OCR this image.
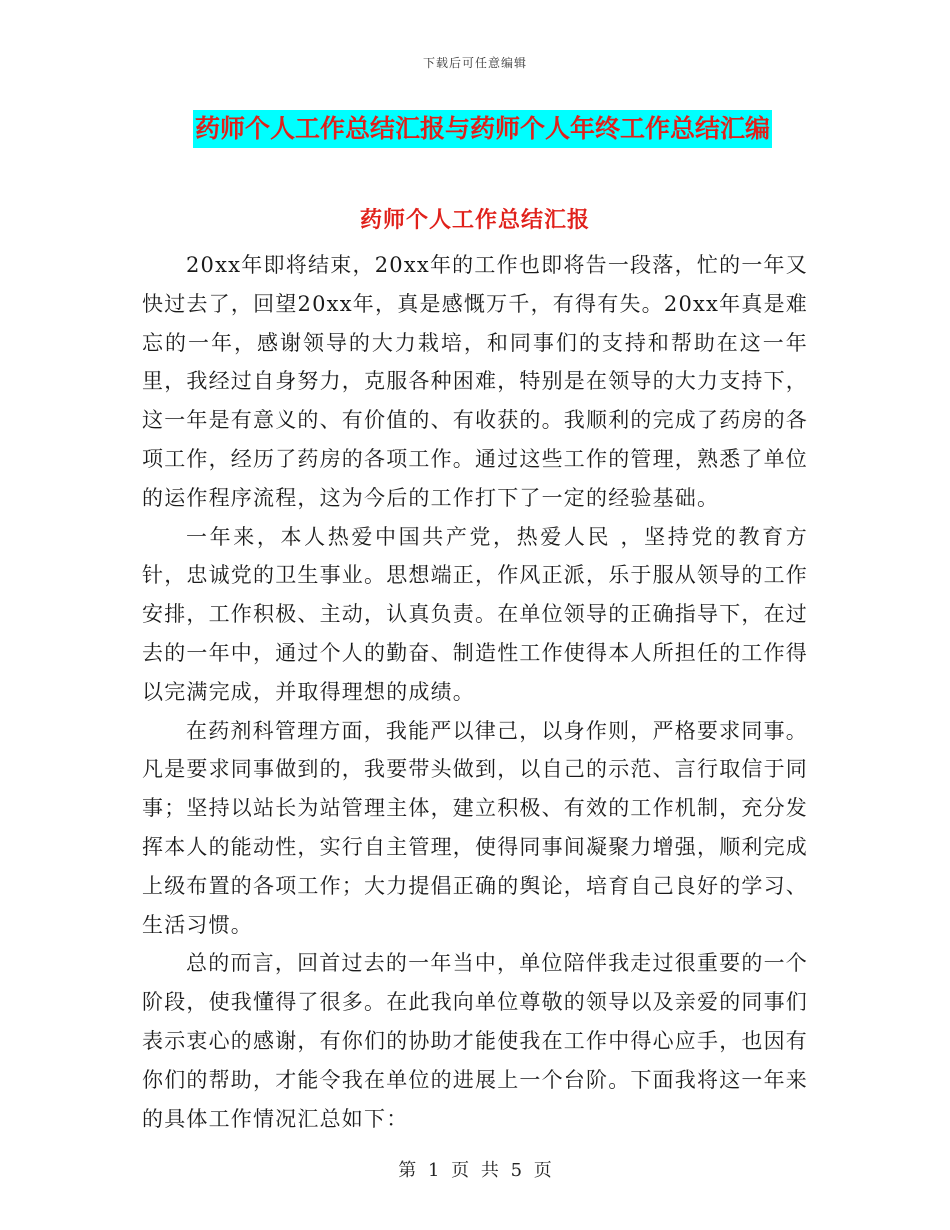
下载后可任意编辑
药师个人工作总结汇报与药师个人年终工作总结汇编
药师个人工作总结汇报

20xx年即将结束，20xx年的工作也即将告一段落，忙的一年又快过去了，回望20xx年，真是感慨万千，有得有失。20xx年真是难忘的一年，感谢领导的大力栽培，和同事们的支持和帮助在这一年里，我经过自身努力，克服各种困难，特别是在领导的大力支持下，这一年是有意义的、有价值的、有收获的。我顺利的完成了药房的各项工作，经历了药房的各项工作。通过这些工作的管理，熟悉了单位的运作程序流程，这为今后的工作打下了一定的经验基础。

一年来，本人热爱中国共产党，热爱人民 ，坚持党的教育方针，忠诚党的卫生事业。思想端正，作风正派，乐于服从领导的工作安排，工作积极、主动，认真负责。在单位领导的正确指导下，在过去的一年中，通过个人的勤奋、制造性工作使得本人所担任的工作得以完满完成，并取得理想的成绩。

在药剂科管理方面，我能严以律己，以身作则，严格要求同事。凡是要求同事做到的，我要带头做到，以自己的示范、言行取信于同事；坚持以站长为站管理主体，建立积极、有效的工作机制，充分发挥本人的能动性，实行自主管理，使得同事间凝聚力增强，顺利完成上级布置的各项工作；大力提倡正确的舆论，培育自己良好的学习、生活习惯。

总的而言，回首过去的一年当中，单位陪伴我走过很重要的一个阶段，使我懂得了很多。在此我向单位尊敬的领导以及亲爱的同事们表示衷心的感谢，有你们的协助才能使我在工作中得心应手，也因有你们的帮助，才能令我在单位的进展上一个台阶。下面我将这一年来的具体工作情况汇总如下：

第 1 页 共 5 页
